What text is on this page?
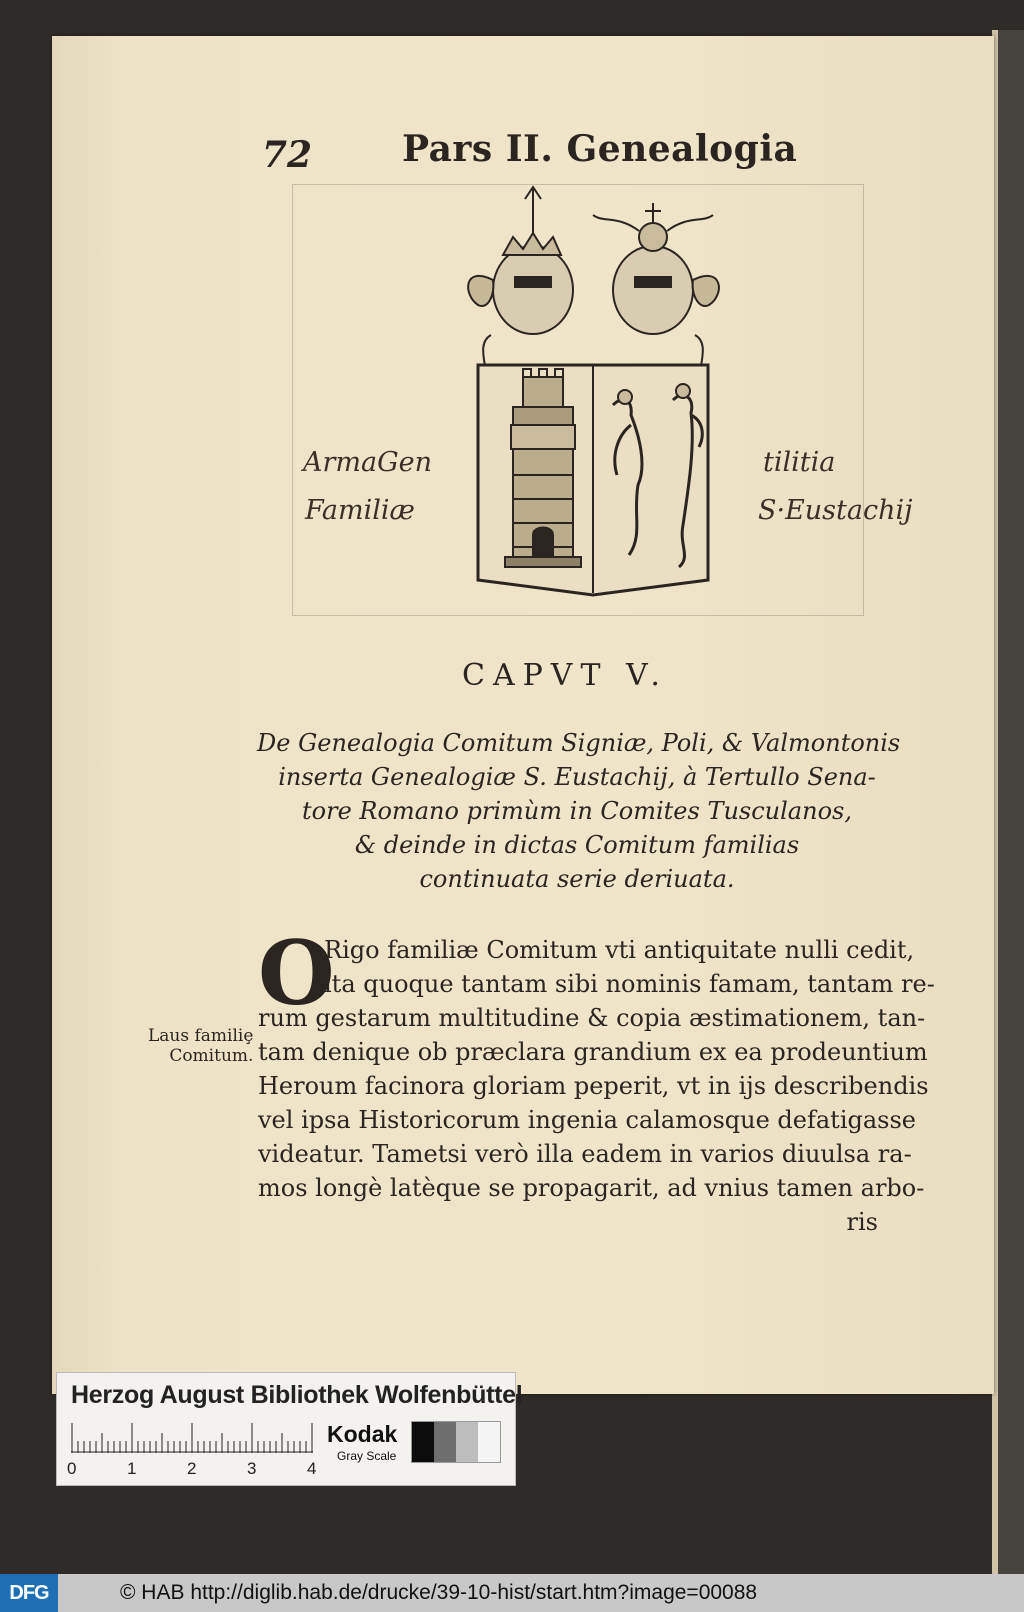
72 Pars II. Genealogia
ArmaGen
Familiæ
tilitia
S·Eustachij
CAPVT V.
De Genealogia Comitum Signiæ, Poli, & Valmontonis
inserta Genealogiæ S. Eustachij, à Tertullo Sena-
tore Romano primùm in Comites Tusculanos,
& deinde in dictas Comitum familias
continuata serie deriuata.
Laus familiȩ
Comitum.
O
Rigo familiæ Comitum vti antiquitate nulli cedit,
ita quoque tantam sibi nominis famam, tantam re-
rum gestarum multitudine & copia æstimationem, tan-
tam denique ob præclara grandium ex ea prodeuntium
Heroum facinora gloriam peperit, vt in ijs describendis
vel ipsa Historicorum ingenia calamosque defatigasse
videatur. Tametsi verò illa eadem in varios diuulsa ra-
mos longè latèque se propagarit, ad vnius tamen arbo-
ris
Herzog August Bibliothek Wolfenbüttel
0	1	2	3	4
Kodak
Gray Scale
DFG	© HAB http://diglib.hab.de/drucke/39-10-hist/start.htm?image=00088
